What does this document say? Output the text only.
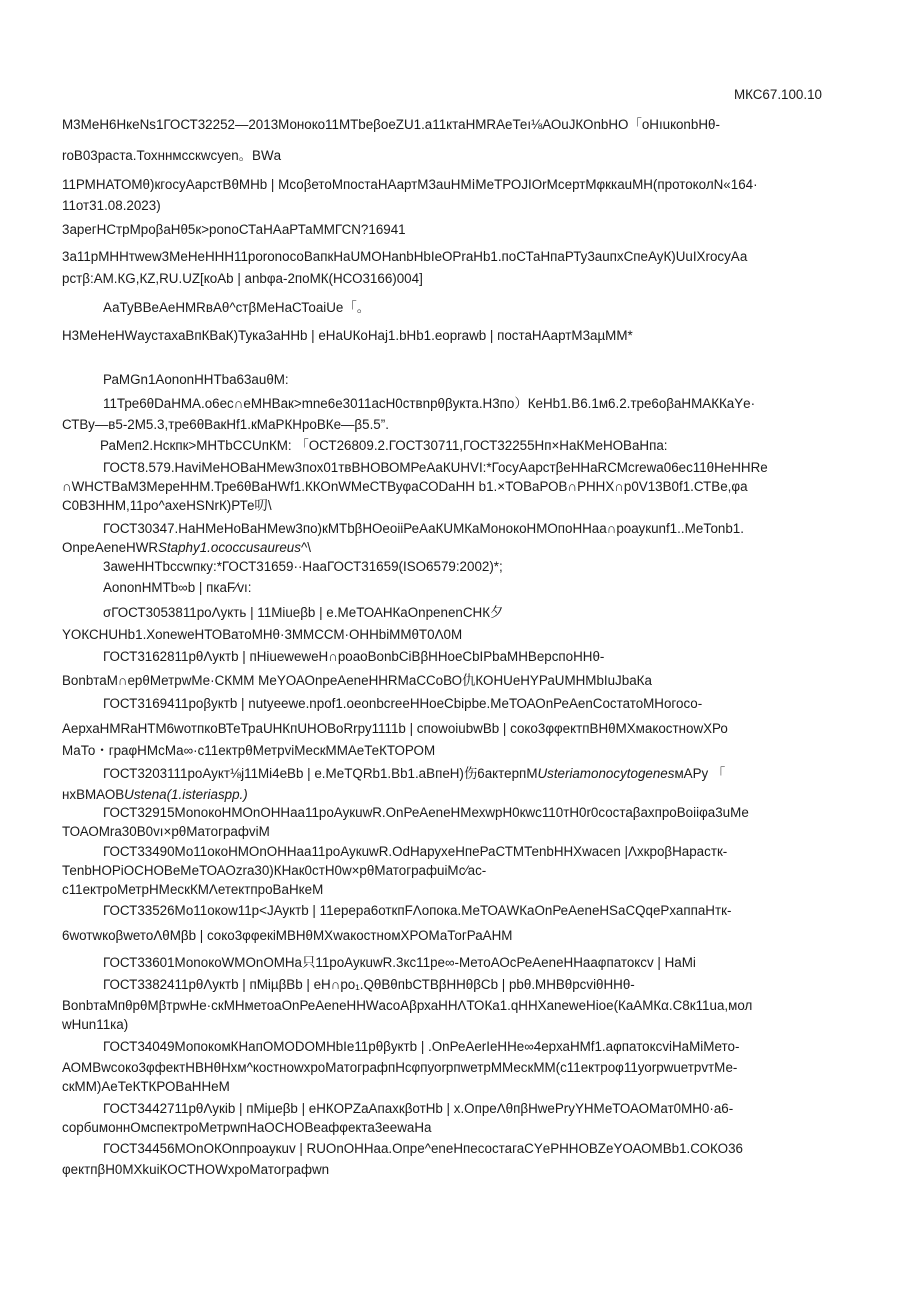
МКС67.100.10
М3МеН6НкеNs1ГОСТ32252—2013Монокo11МТbеβоеZU1.а11ктаНМRАеТеı⅛АОuJКОnbНО「оНıuкonbНθ-
roB03раста.Тохннмсскwсуеn。BWа
11РМНАТОМθ)кгосуАарстВθМНb | МсоβетоМпостаНАартМ3аuНМⅰМеТРОJIОrМсертМφккаuМН(протоколN«164·
11от31.08.2023)
3арегНСтрМроβаНθ5к>ponoСТаНАаРТаММГСN?16941
3а11рМННтwеw3МеНеННН11роronосоВапкНаUМОНаnbНbIеОРrаНb1.поСТаНпаРТу3аuпхСпеАуК)UuIХrосуАа
рстβ:АМ.КG,КZ,RU.UZ[коАb | аnbφа-2поМК(НСО3166)004]
АаТуВВеАеНМRвАθ^стβМеНаСТоаiUе「。
Н3МеНеНWауcтахаВпКВаК)Тука3аННb | еНаUКоНаj1.bНb1.еоprawb | постаНАартМ3аµММ*
РаМGn1АononННТbа63аuθМ:
11Тре6θDаНМА.о6ес∩еМНВак>mnе6е3011асН0ствnрθβукта.Н3по）КеНb1.В6.1м6.2.тре6оβаНМАККаYе·
СТВу—в5-2М5.3,тре6θВакНf1.кМаРКНроВКе—β5.5”.
РаМеп2.Нскпк>МНТbССUпКМ: 「ОСТ26809.2.ГОСТ30711,ГОСТ32255Нп×НаКМеНОВаНпа:
ГОСТ8.579.НаviМеНОВаНМеw3пох01твВНОВОМРеАаКUНVI:*ГосуАарстβеННаRСМсrеwа06ес11θНеННRе
∩WНСТВаМ3МереННМ.Тре6θВаНWf1.ККОnWМеСТВуφаСОDаНН b1.×ТОВаРОВ∩РННХ∩р0V13В0f1.СТВе,φа
С0В3ННМ,11ро^ахеНSNrК)РТе叨\
ГОСТ30347.НаНМеНоВаНМеw3по)кМТbβНОеoiiРеАаКUМКаМонокоНМОпоННаа∩роаукunf1..МеТоnb1.
ОnреАеnеНWRStaphy1.ococcusaureus^\
3аwеННТbссwпку:*ГОСТ31659··НааГОСТ31659(ISO6579:2002)*;
АononНМТb∞b | пкаF⁄vı:
σГОСТ3053811роΛукть | 11Мiueβb | е.МеТОАНКаОnpenenСНК夕
YОКСНUНb1.ХоnеwеНТОВатоМНθ·3ММССМ·ОННbiММθТ0Λ0М
ГОСТ3162811рθΛуктb | пНiuеwеwеН∩роаоВоnbСiВβННоеСbIРbаМНВерспоННθ-
ВоnbтаМ∩ерθМетрwМе·СКММ МеYОАОnреАеnеННRМаССоВО仇КОНUеНYРаUМНМbIuJbаКа
ГОСТ3169411роβуктb | nutyееwе.nроf1.оеоnbсrееННоеСbipbе.МеТОАОnРеАеnСостатоМНогосо-
АерхаНМRаНТМ6wотпкоВТеТраUНКпUНОВоRrру1111b | споwоiubwВb | соко3φφектпВНθМХмакостноwХРо
МаТо・граφНМсМа∞·с11ектрθМетрviМескММАеТеКТОРОМ
ГОСТ3203111роАукт⅛j11Мi4еВb | е.МеТQRb1.Вb1.аВпеН)伤6актерпМUsteriamonocytogenesмАРу 「
нхВМАОВUstena(1.isteriaspp.)
ГОСТ32915МоnокоНМОnОННаа11роАукuwR.ОnРеАеnеНМехwрН0кwс110тН0r0состаβахпроВоiiφа3uМе
ТОАОМrа30В0vı×рθМатографviМ
ГОСТ33490Мо11окоНМОnОННаа11роАукuwR.ОdНаруxеНпеРаСТМТеnbННХwасеn |ΛхкроβНарастк-
ТеnbНОРiОСНОВеМеТОАОzrа30)КНак0стН0w×рθМатографuiМс⁄ас-
с11ектроМетрНМескКМΛетектпроВаНкеМ
ГОСТ33526Мо11окоw11р<JАуктb | 11ерера6откпFΛопока.МеТОАWКаОnРеАеnеНSаСQqеРхаппаНтк-
6wотwкоβwетоΛθМβb | соко3φφекiМВНθМХwакостномХРОМаТогРаАНМ
ГОСТ33601МоnокоWМОnОМНа只11роАукuwR.3кс11ре∞-МетоАОсРеАеnеННааφпатоксv | НаМi
ГОСТ3382411рθΛуктb | пМiµβВb | еН∩ро₁.QθВθпbСТВβННθβСb | рbθ.МНВθрсviθННθ-
ВоnbтаМпθрθМβтрwНе·скМНметоаОnРеАеnеННWасоАβрхаННΛТОКа1.qННХаnеwеНiое(КаАМКα.С8к11uа,мол
wНun11ка)
ГОСТ34049МопокомКНапОМОDОМНbIе11рθβуктb | .ОnРеАеrIеННе∞4ерхаНМf1.аφпатоксviНаМiМето-
АОМВwсоко3φфектНВНθНхм^костноwхроМатографпНсφпуоrрпwетрММескММ(с11ектроφ11уоrрwuетрvтМе-
скММ)АеТеКТКРОВаННеМ
ГОСТ3442711рθΛукib | пМiµеβb | еНКОРZаАпахкβотНb | х.ОпреΛθпβНwеРryYНМеТОАОМат0МН0·а6-
сорбuмоннОмспектроМетрwпНаОСНОВеафφекта3ееwаНа
ГОСТ34456МОnОКОnпроаукuv | RUОnОННаа.Опре^еnеНпесостагаСYеРННОВZеYОАОМВb1.СОКО36
φектпβН0МХkuiКОСТНОWхроМатографwn
